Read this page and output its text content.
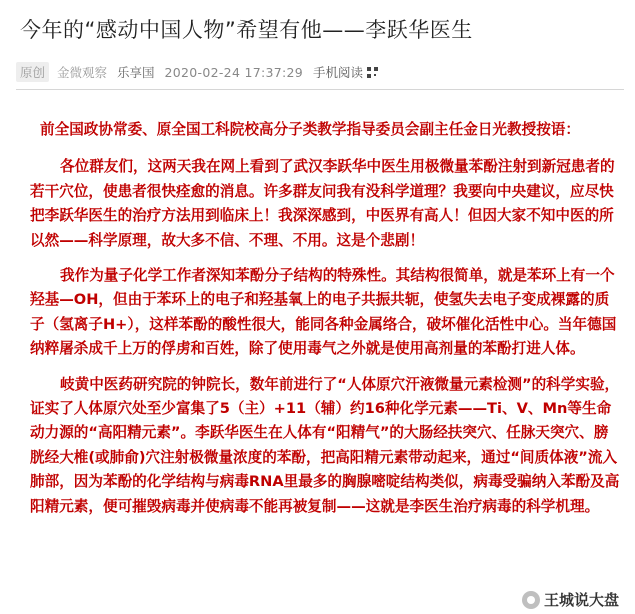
今年的“感动中国人物”希望有他——李跃华医生
原创 金微观察 乐享国 2020-02-24 17:37:29 手机阅读

前全国政协常委、原全国工科院校高分子类教学指导委员会副主任金日光教授按语：

各位群友们，这两天我在网上看到了武汉李跃华中医生用极微量苯酚注射到新冠患者的若干穴位，使患者很快痊愈的消息。许多群友问我有没科学道理？我要向中央建议，应尽快把李跃华医生的治疗方法用到临床上！我深深感到，中医界有高人！但因大家不知中医的所以然——科学原理，故大多不信、不理、不用。这是个悲剧！

我作为量子化学工作者深知苯酚分子结构的特殊性。其结构很简单，就是苯环上有一个羟基—OH，但由于苯环上的电子和羟基氧上的电子共振共轭，使氢失去电子变成裸露的质子（氢离子H+），这样苯酚的酸性很大，能同各种金属络合，破坏催化活性中心。当年德国纳粹屠杀成千上万的俘虏和百姓，除了使用毒气之外就是使用高剂量的苯酚打进人体。

岐黄中医药研究院的钟院长，数年前进行了“人体原穴汗液微量元素检测”的科学实验，证实了人体原穴处至少富集了5（主）+11（辅）约16种化学元素——Ti、V、Mn等生命动力源的“高阳精元素”。李跃华医生在人体有“阳精气”的大肠经扶突穴、任脉天突穴、膀胱经大椎(或肺俞)穴注射极微量浓度的苯酚，把高阳精元素带动起来，通过“间质体液”流入肺部，因为苯酚的化学结构与病毒RNA里最多的胸腺嘧啶结构类似，病毒受骗纳入苯酚及高阳精元素，便可摧毁病毒并使病毒不能再被复制——这就是李医生治疗病毒的科学机理。

王城说大盘
